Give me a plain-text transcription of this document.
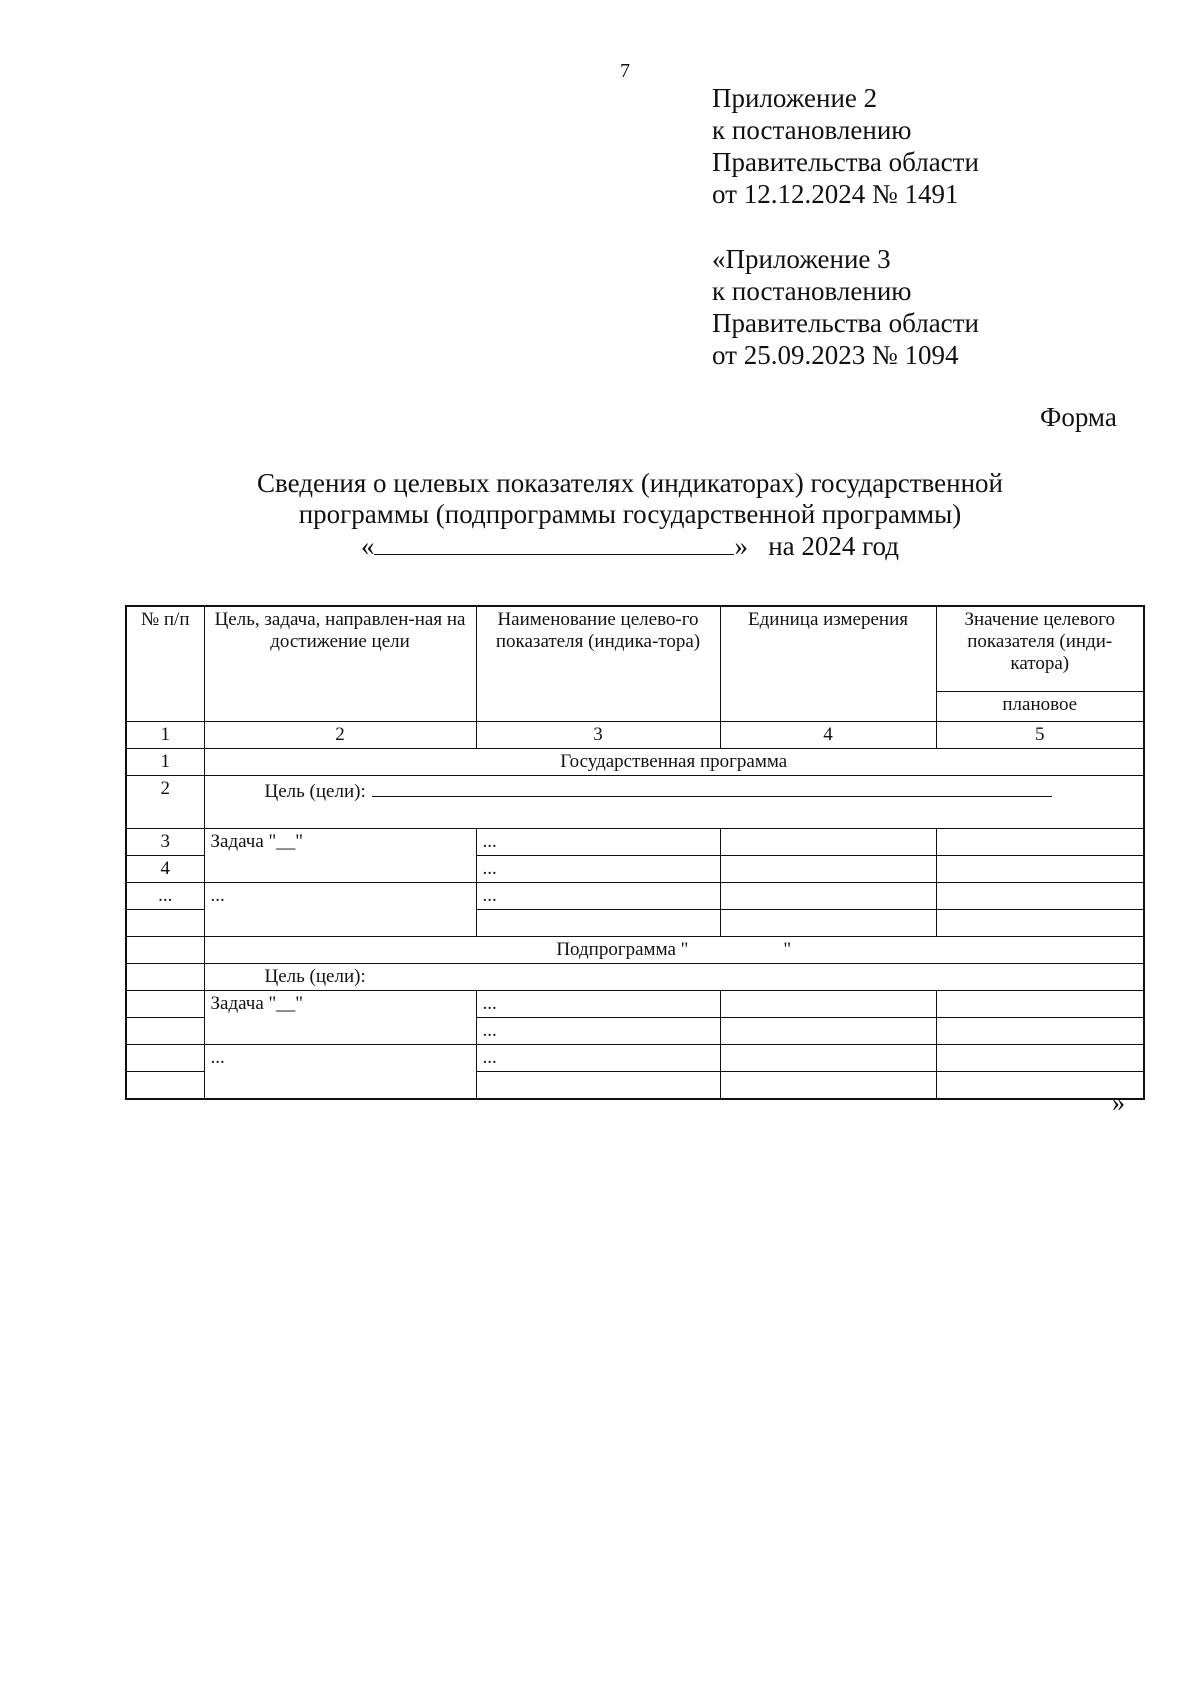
7
Приложение 2
к постановлению
Правительства области
от 12.12.2024 № 1491
«Приложение 3
к постановлению
Правительства области
от 25.09.2023 № 1094
Форма
Сведения о целевых показателях (индикаторах) государственной
программы (подпрограммы государственной программы)
«	» на 2024 год
№ п/п	Цель, задача, направлен-ная на достижение цели	Наименование целево-го показателя (индика-тора)	Единица измерения	Значение целевого показателя (инди-катора)
				плановое
1	2	3	4	5
1	Государственная программа			
2	Цель (цели):			
3	Задача "__"	...		
4		...		
...	...	...		

	Подпрограмма "                    "			
	Цель (цели):			
	Задача "__"	...		
		...		
	...	...		

»
